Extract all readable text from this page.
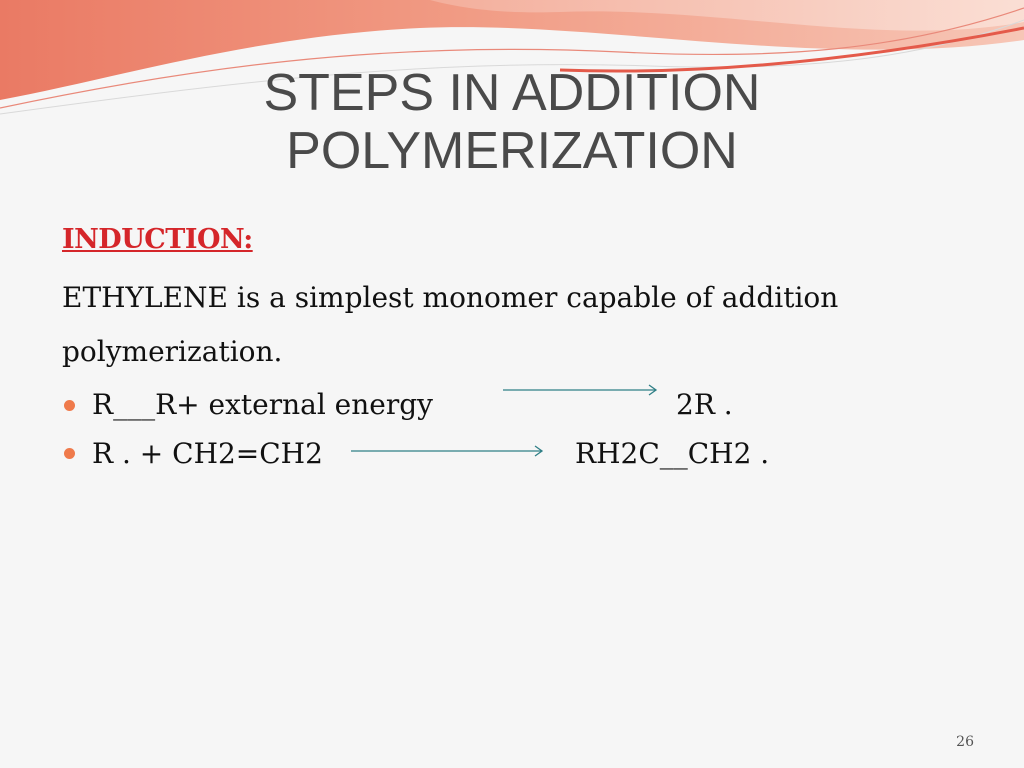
STEPS IN ADDITION
POLYMERIZATION
INDUCTION:
ETHYLENE is a simplest monomer capable of addition
polymerization.
R___R+ external energy	2R .
R . + CH2=CH2	RH2C__CH2 .
26
